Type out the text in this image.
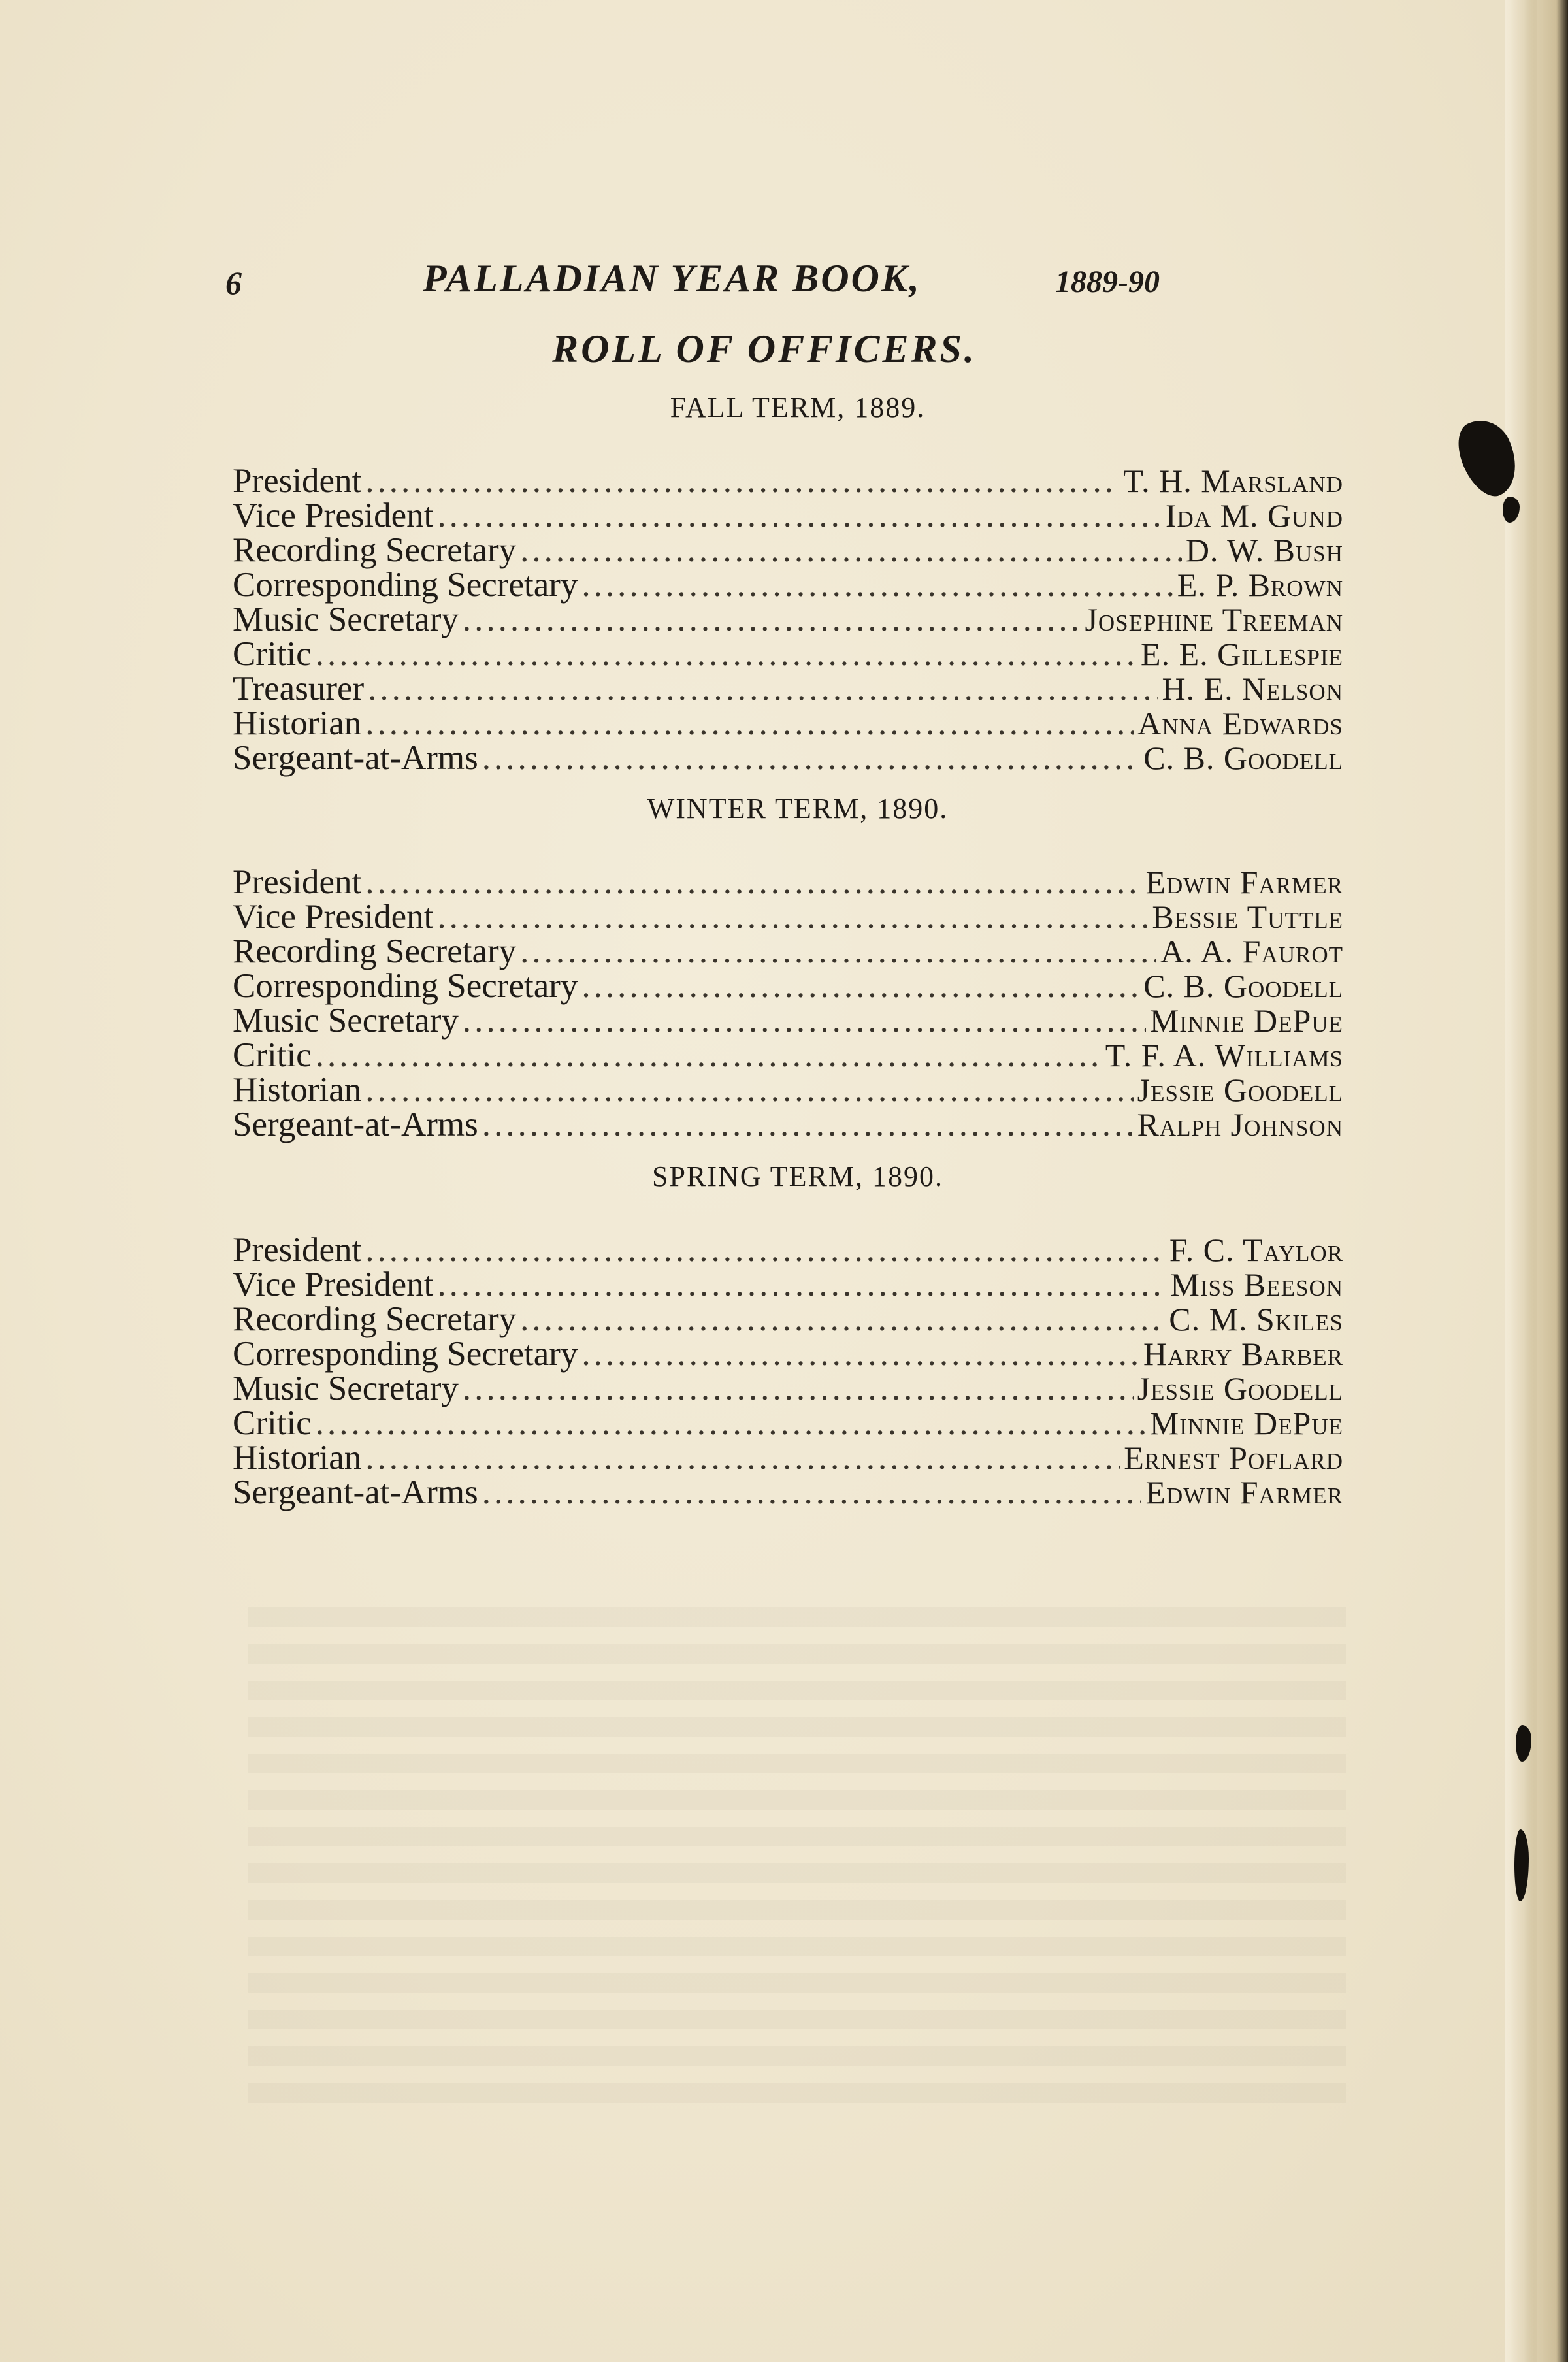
6	PALLADIAN YEAR BOOK,	1889-90
ROLL OF OFFICERS.
FALL TERM, 1889.
President .....	T. H. Marsland
Vice President .....	Ida M. Gund
Recording Secretary .....	D. W. Bush
Corresponding Secretary .....	E. P. Brown
Music Secretary .....	Josephine Treeman
Critic .....	E. E. Gillespie
Treasurer .....	H. E. Nelson
Historian .....	Anna Edwards
Sergeant-at-Arms .....	C. B. Goodell
WINTER TERM, 1890.
President .....	Edwin Farmer
Vice President .....	Bessie Tuttle
Recording Secretary .....	A. A. Faurot
Corresponding Secretary .....	C. B. Goodell
Music Secretary .....	Minnie DePue
Critic .....	T. F. A. Williams
Historian .....	Jessie Goodell
Sergeant-at-Arms .....	Ralph Johnson
SPRING TERM, 1890.
President .....	F. C. Taylor
Vice President .....	Miss Beeson
Recording Secretary .....	C. M. Skiles
Corresponding Secretary .....	Harry Barber
Music Secretary .....	Jessie Goodell
Critic .....	Minnie DePue
Historian .....	Ernest Poflard
Sergeant-at-Arms .....	Edwin Farmer
